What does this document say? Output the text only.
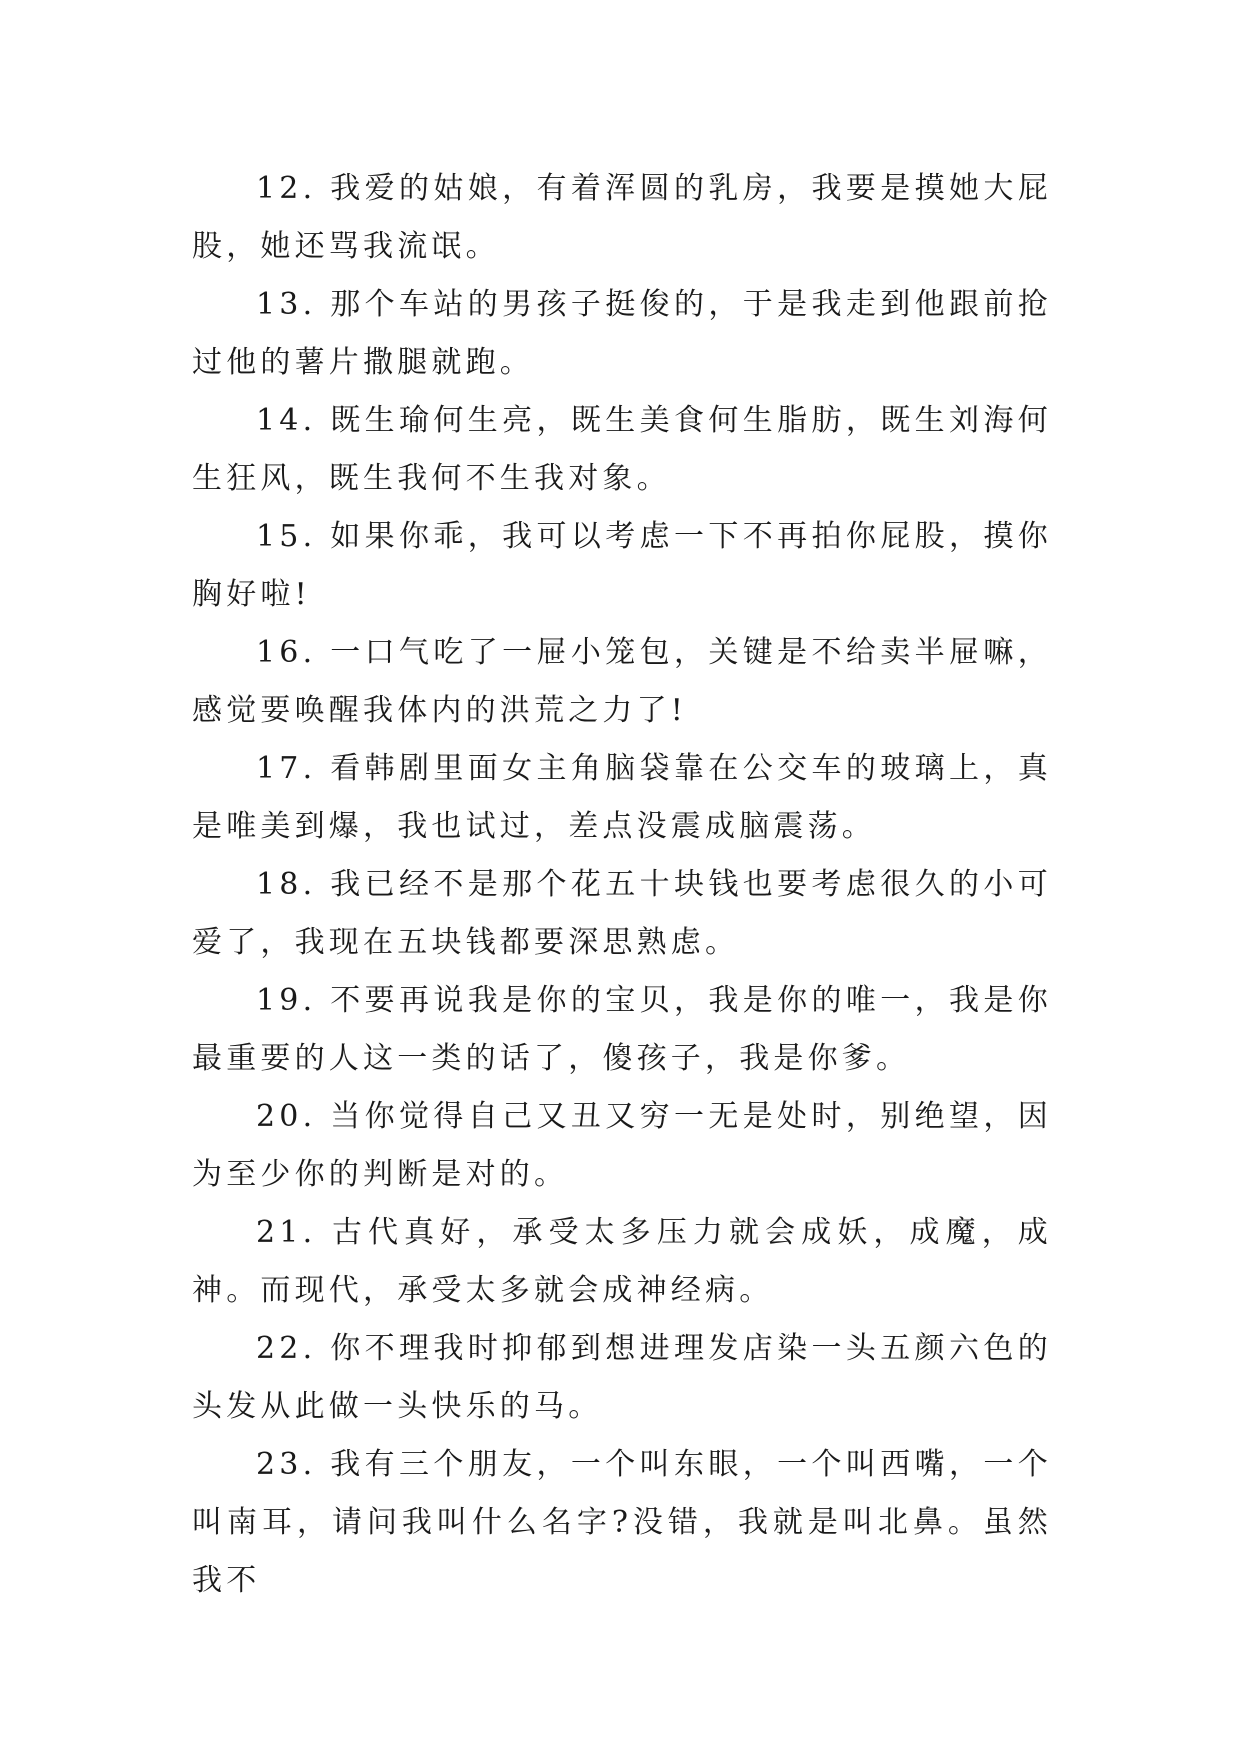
12. 我爱的姑娘，有着浑圆的乳房，我要是摸她大屁股，她还骂我流氓。

13. 那个车站的男孩子挺俊的，于是我走到他跟前抢过他的薯片撒腿就跑。

14. 既生瑜何生亮，既生美食何生脂肪，既生刘海何生狂风，既生我何不生我对象。

15. 如果你乖，我可以考虑一下不再拍你屁股，摸你胸好啦!

16. 一口气吃了一屉小笼包，关键是不给卖半屉嘛，感觉要唤醒我体内的洪荒之力了!

17. 看韩剧里面女主角脑袋靠在公交车的玻璃上，真是唯美到爆，我也试过，差点没震成脑震荡。

18. 我已经不是那个花五十块钱也要考虑很久的小可爱了，我现在五块钱都要深思熟虑。

19. 不要再说我是你的宝贝，我是你的唯一，我是你最重要的人这一类的话了，傻孩子，我是你爹。

20. 当你觉得自己又丑又穷一无是处时，别绝望，因为至少你的判断是对的。

21. 古代真好，承受太多压力就会成妖，成魔，成神。而现代，承受太多就会成神经病。

22. 你不理我时抑郁到想进理发店染一头五颜六色的头发从此做一头快乐的马。

23. 我有三个朋友，一个叫东眼，一个叫西嘴，一个叫南耳，请问我叫什么名字?没错，我就是叫北鼻。虽然我不
